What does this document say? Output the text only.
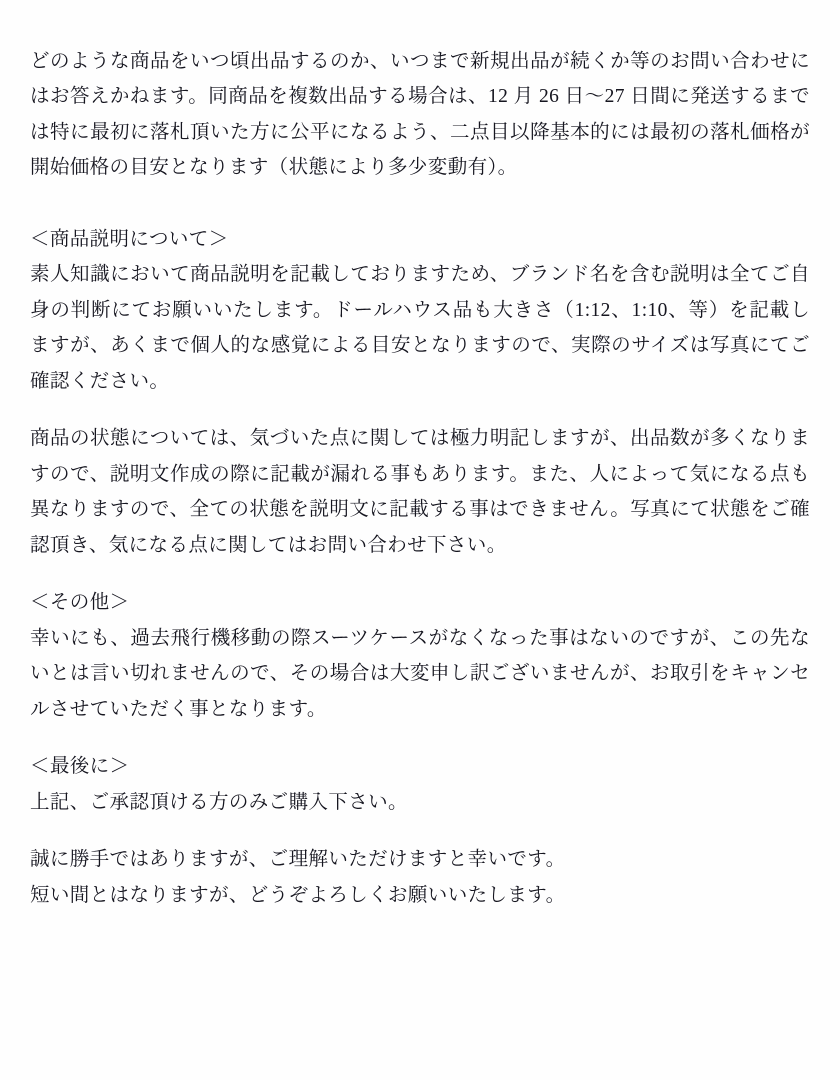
どのような商品をいつ頃出品するのか、いつまで新規出品が続くか等のお問い合わせにはお答えかねます。同商品を複数出品する場合は、12 月 26 日〜27 日間に発送するまでは特に最初に落札頂いた方に公平になるよう、二点目以降基本的には最初の落札価格が開始価格の目安となります（状態により多少変動有）。

＜商品説明について＞

素人知識において商品説明を記載しておりますため、ブランド名を含む説明は全てご自身の判断にてお願いいたします。ドールハウス品も大きさ（1:12、1:10、等）を記載しますが、あくまで個人的な感覚による目安となりますので、実際のサイズは写真にてご確認ください。

商品の状態については、気づいた点に関しては極力明記しますが、出品数が多くなりますので、説明文作成の際に記載が漏れる事もあります。また、人によって気になる点も異なりますので、全ての状態を説明文に記載する事はできません。写真にて状態をご確認頂き、気になる点に関してはお問い合わせ下さい。

＜その他＞

幸いにも、過去飛行機移動の際スーツケースがなくなった事はないのですが、この先ないとは言い切れませんので、その場合は大変申し訳ございませんが、お取引をキャンセルさせていただく事となります。

＜最後に＞

上記、ご承認頂ける方のみご購入下さい。

誠に勝手ではありますが、ご理解いただけますと幸いです。

短い間とはなりますが、どうぞよろしくお願いいたします。
